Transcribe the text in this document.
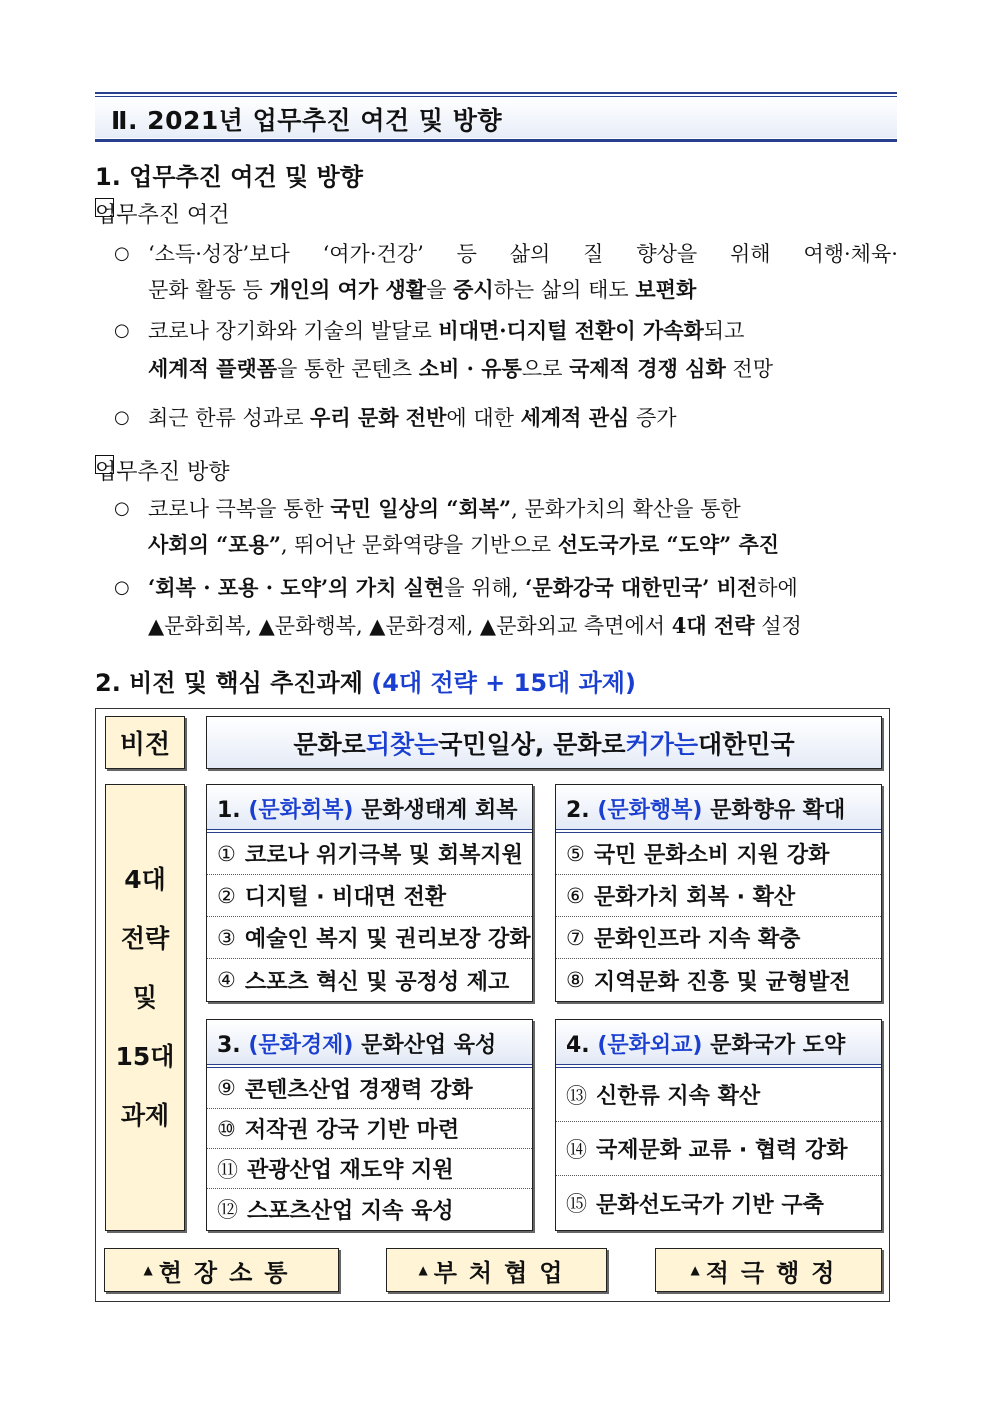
Ⅱ. 2021년 업무추진 여건 및 방향
1. 업무추진 여건 및 방향
업무추진 여건
○ ‘소득·성장’보다 ‘여가·건강’ 등 삶의 질 향상을 위해 여행·체육·
문화 활동 등 개인의 여가 생활을 중시하는 삶의 태도 보편화
○ 코로나 장기화와 기술의 발달로 비대면·디지털 전환이 가속화되고
세계적 플랫폼을 통한 콘텐츠 소비 · 유통으로 국제적 경쟁 심화 전망
○ 최근 한류 성과로 우리 문화 전반에 대한 세계적 관심 증가
업무추진 방향
○ 코로나 극복을 통한 국민 일상의 “회복”, 문화가치의 확산을 통한
사회의 “포용”, 뛰어난 문화역량을 기반으로 선도국가로 “도약” 추진
○ ‘회복 · 포용 · 도약’의 가치 실현을 위해, ‘문화강국 대한민국’ 비전하에
▲문화회복, ▲문화행복, ▲문화경제, ▲문화외교 측면에서 4대 전략 설정
2. 비전 및 핵심 추진과제 (4대 전략 + 15대 과제)
비전	문화로 되찾는 국민일상, 문화로 커가는 대한민국
4대
전략
및
15대
과제
1. (문화회복) 문화생태계 회복
① 코로나 위기극복 및 회복지원
② 디지털 · 비대면 전환
③ 예술인 복지 및 권리보장 강화
④ 스포츠 혁신 및 공정성 제고
2. (문화행복) 문화향유 확대
⑤ 국민 문화소비 지원 강화
⑥ 문화가치 회복 · 확산
⑦ 문화인프라 지속 확충
⑧ 지역문화 진흥 및 균형발전
3. (문화경제) 문화산업 육성
⑨ 콘텐츠산업 경쟁력 강화
⑩ 저작권 강국 기반 마련
⑪ 관광산업 재도약 지원
⑫ 스포츠산업 지속 육성
4. (문화외교) 문화국가 도약
⑬ 신한류 지속 확산
⑭ 국제문화 교류 · 협력 강화
⑮ 문화선도국가 기반 구축
▲ 현장소통	▲ 부처협업	▲ 적극행정
